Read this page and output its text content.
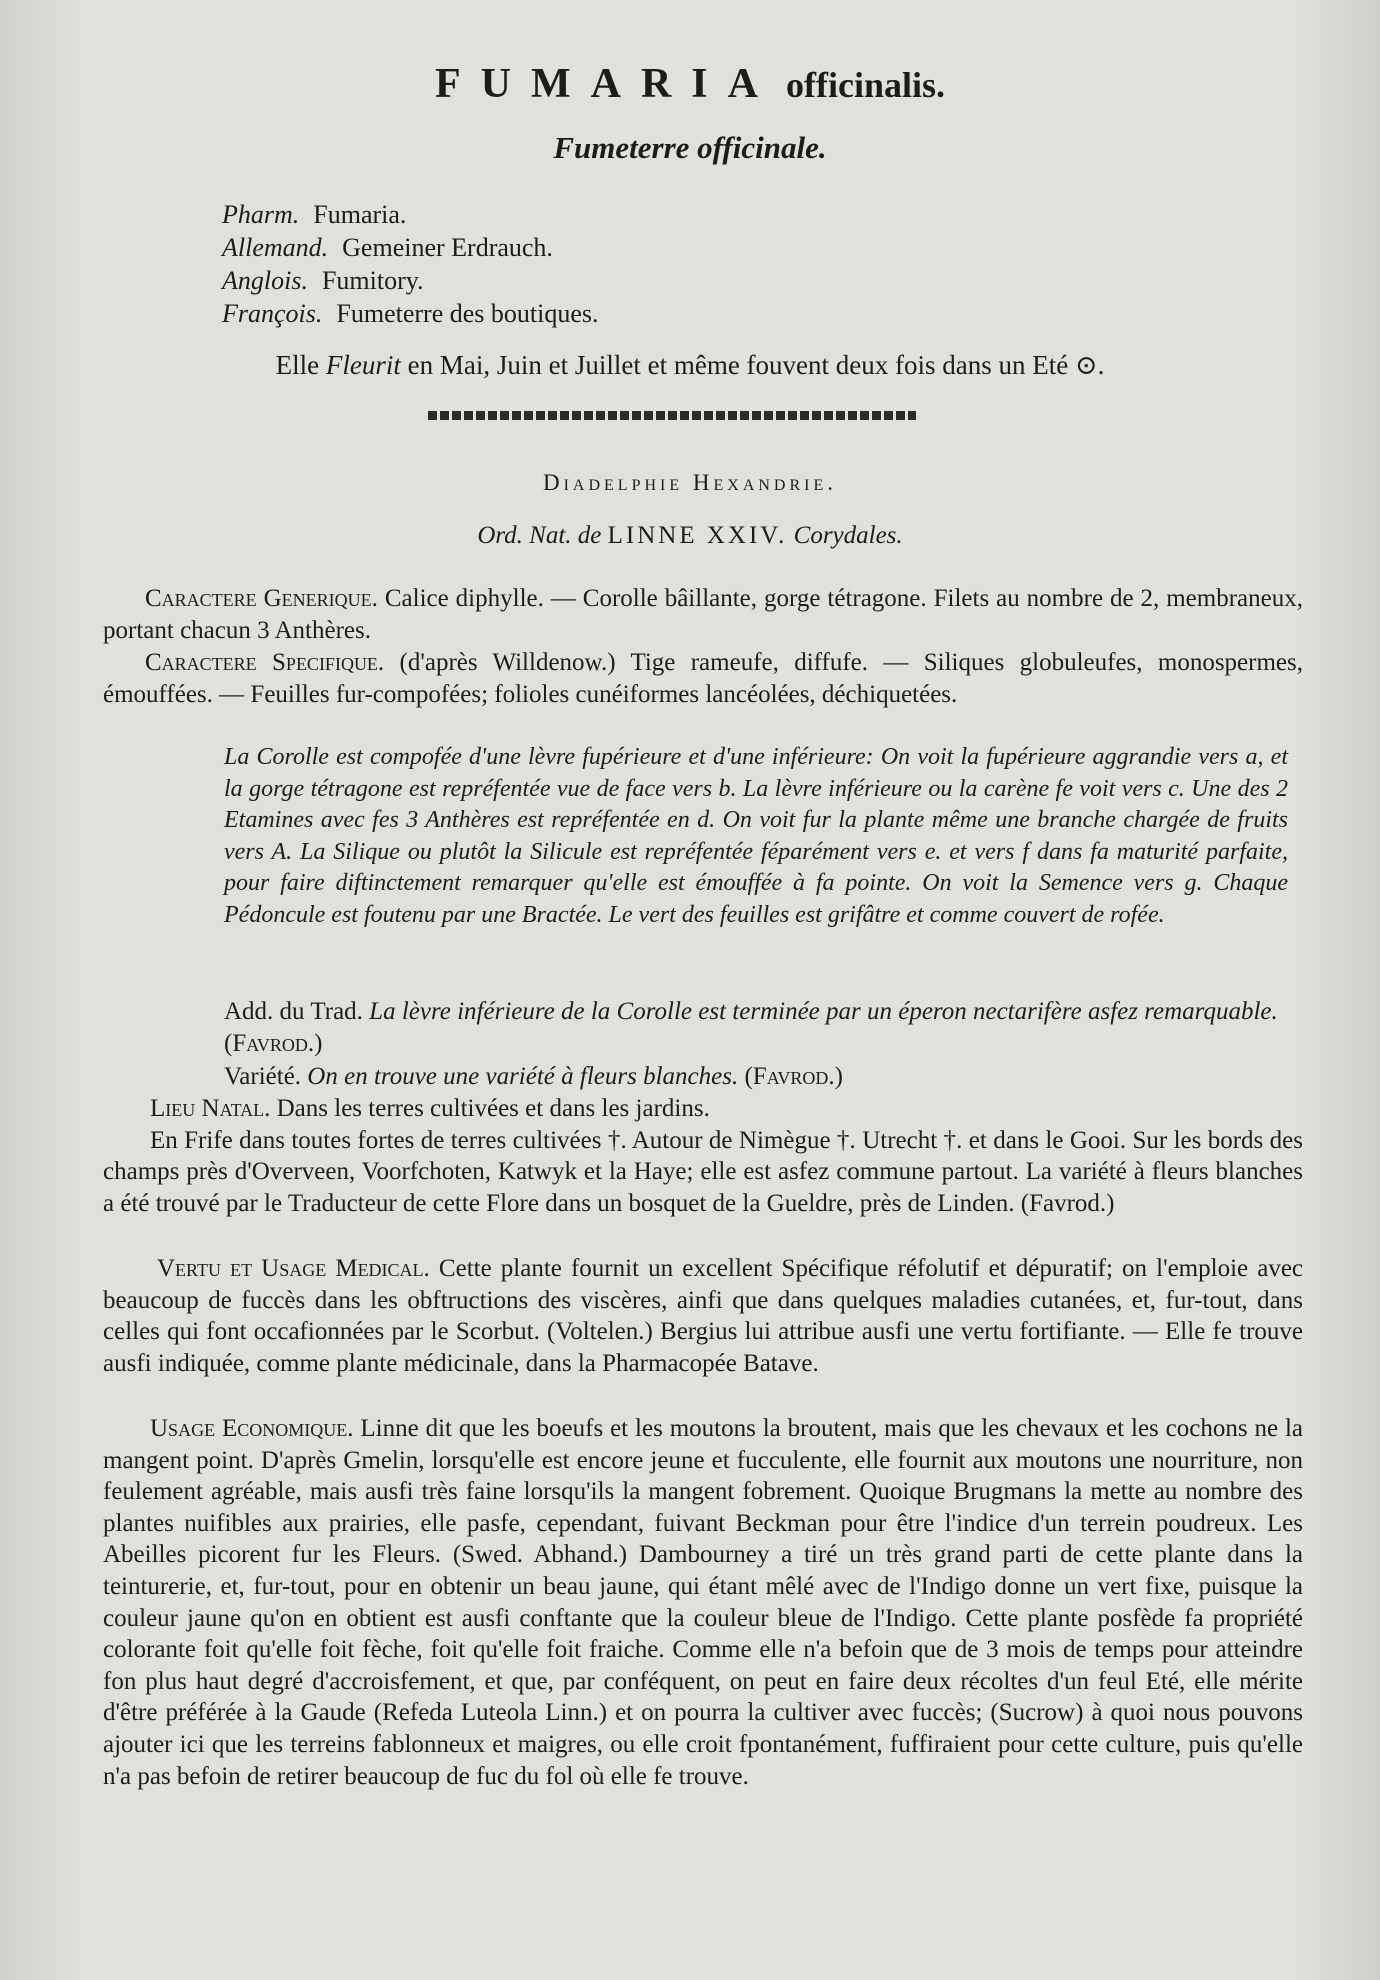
FUMARIA officinalis.
Fumeterre officinale.
Pharm. Fumaria.
Allemand. Gemeiner Erdrauch.
Anglois. Fumitory.
François. Fumeterre des boutiques.
Elle Fleurit en Mai, Juin et Juillet et même fouvent deux fois dans un Eté ⊙.
Diadelphie Hexandrie.
Ord. Nat. de LINNE XXIV. Corydales.
Caractere Generique. Calice diphylle. — Corolle bâillante, gorge tétragone. Filets au nombre de 2, membraneux, portant chacun 3 Anthères.
Caractere Specifique. (d'après Willdenow.) Tige rameufe, diffufe. — Siliques globuleufes, monospermes, émouffées. — Feuilles fur-compofées; folioles cunéiformes lancéolées, déchiquetées.
La Corolle est compofée d'une lèvre fupérieure et d'une inférieure: On voit la fupérieure aggrandie vers a, et la gorge tétragone est repréfentée vue de face vers b. La lèvre inférieure ou la carène fe voit vers c. Une des 2 Etamines avec fes 3 Anthères est repréfentée en d. On voit fur la plante même une branche chargée de fruits vers A. La Silique ou plutôt la Silicule est repréfentée féparément vers e. et vers f dans fa maturité parfaite, pour faire diftinctement remarquer qu'elle est émouffée à fa pointe. On voit la Semence vers g. Chaque Pédoncule est foutenu par une Bractée. Le vert des feuilles est grifâtre et comme couvert de rofée.
Add. du Trad. La lèvre inférieure de la Corolle est terminée par un éperon nectarifère asfez remarquable. (Favrod.)
Variété. On en trouve une variété à fleurs blanches. (Favrod.)
Lieu Natal. Dans les terres cultivées et dans les jardins.
En Frife dans toutes fortes de terres cultivées †. Autour de Nimègue †. Utrecht †. et dans le Gooi. Sur les bords des champs près d'Overveen, Voorfchoten, Katwyk et la Haye; elle est asfez commune partout. La variété à fleurs blanches a été trouvé par le Traducteur de cette Flore dans un bosquet de la Gueldre, près de Linden. (Favrod.)
Vertu et Usage Medical. Cette plante fournit un excellent Spécifique réfolutif et dépuratif; on l'emploie avec beaucoup de fuccès dans les obftructions des viscères, ainfi que dans quelques maladies cutanées, et, fur-tout, dans celles qui font occafionnées par le Scorbut. (Voltelen.) Bergius lui attribue ausfi une vertu fortifiante. — Elle fe trouve ausfi indiquée, comme plante médicinale, dans la Pharmacopée Batave.
Usage Economique. Linne dit que les boeufs et les moutons la broutent, mais que les chevaux et les cochons ne la mangent point. D'après Gmelin, lorsqu'elle est encore jeune et fucculente, elle fournit aux moutons une nourriture, non feulement agréable, mais ausfi très faine lorsqu'ils la mangent fobrement. Quoique Brugmans la mette au nombre des plantes nuifibles aux prairies, elle pasfe, cependant, fuivant Beckman pour être l'indice d'un terrein poudreux. Les Abeilles picorent fur les Fleurs. (Swed. Abhand.) Dambourney a tiré un très grand parti de cette plante dans la teinturerie, et, fur-tout, pour en obtenir un beau jaune, qui étant mêlé avec de l'Indigo donne un vert fixe, puisque la couleur jaune qu'on en obtient est ausfi conftante que la couleur bleue de l'Indigo. Cette plante posfède fa propriété colorante foit qu'elle foit fèche, foit qu'elle foit fraiche. Comme elle n'a befoin que de 3 mois de temps pour atteindre fon plus haut degré d'accroisfement, et que, par conféquent, on peut en faire deux récoltes d'un feul Eté, elle mérite d'être préférée à la Gaude (Refeda Luteola Linn.) et on pourra la cultiver avec fuccès; (Sucrow) à quoi nous pouvons ajouter ici que les terreins fablonneux et maigres, ou elle croit fpontanément, fuffiraient pour cette culture, puis qu'elle n'a pas befoin de retirer beaucoup de fuc du fol où elle fe trouve.
